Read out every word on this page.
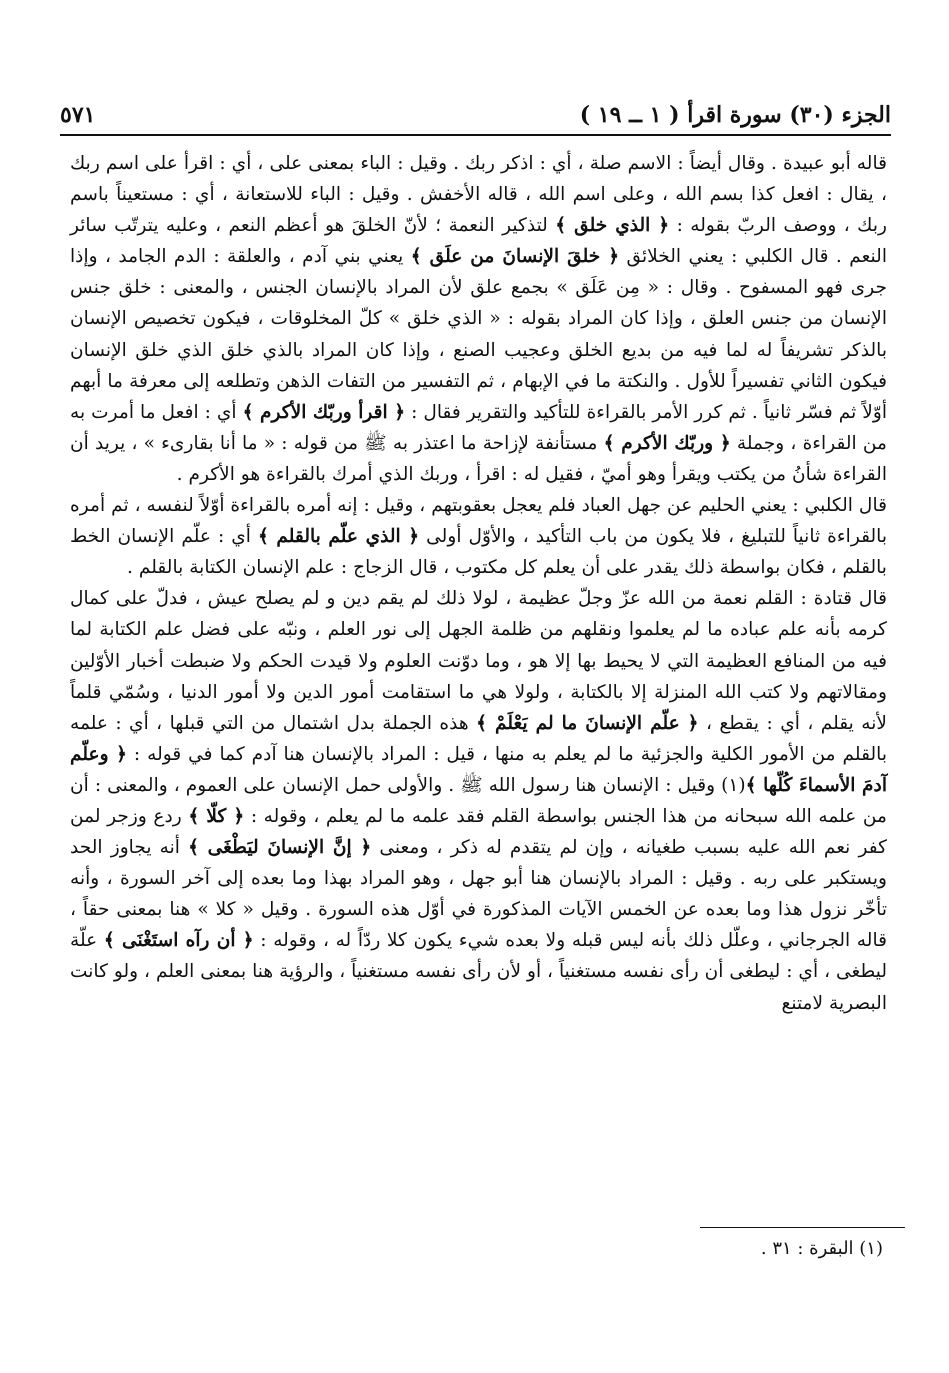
الجزء (٣٠) سورة اقرأ ( ١ ــ ١٩ )
٥٧١

قاله أبو عبيدة . وقال أيضاً : الاسم صلة ، أي : اذكر ربك . وقيل : الباء بمعنى على ، أي : اقرأ على اسم ربك ، يقال : افعل كذا بسم الله ، وعلى اسم الله ، قاله الأخفش . وقيل : الباء للاستعانة ، أي : مستعيناً باسم ربك ، ووصف الربّ بقوله : ﴿ الذي خلق ﴾ لتذكير النعمة ؛ لأنّ الخلقَ هو أعظم النعم ، وعليه يترتّب سائر النعم . قال الكلبي : يعني الخلائق ﴿ خلقَ الإنسانَ من علَق ﴾ يعني بني آدم ، والعلقة : الدم الجامد ، وإذا جرى فهو المسفوح . وقال : « مِن عَلَق » بجمع علق لأن المراد بالإنسان الجنس ، والمعنى : خلق جنس الإنسان من جنس العلق ، وإذا كان المراد بقوله : « الذي خلق » كلّ المخلوقات ، فيكون تخصيص الإنسان بالذكر تشريفاً له لما فيه من بديع الخلق وعجيب الصنع ، وإذا كان المراد بالذي خلق الذي خلق الإنسان فيكون الثاني تفسيراً للأول . والنكتة ما في الإبهام ، ثم التفسير من التفات الذهن وتطلعه إلى معرفة ما أبهم أوّلاً ثم فسّر ثانياً . ثم كرر الأمر بالقراءة للتأكيد والتقرير فقال : ﴿ اقرأ وربّك الأكرم ﴾ أي : افعل ما أمرت به من القراءة ، وجملة ﴿ وربّك الأكرم ﴾ مستأنفة لإزاحة ما اعتذر به ﷺ من قوله : « ما أنا بقارىء » ، يريد أن القراءة شأنُ من يكتب ويقرأ وهو أميّ ، فقيل له : اقرأ ، وربك الذي أمرك بالقراءة هو الأكرم .

قال الكلبي : يعني الحليم عن جهل العباد فلم يعجل بعقوبتهم ، وقيل : إنه أمره بالقراءة أوّلاً لنفسه ، ثم أمره بالقراءة ثانياً للتبليغ ، فلا يكون من باب التأكيد ، والأوّل أولى ﴿ الذي علّم بالقلم ﴾ أي : علّم الإنسان الخط بالقلم ، فكان بواسطة ذلك يقدر على أن يعلم كل مكتوب ، قال الزجاج : علم الإنسان الكتابة بالقلم .

قال قتادة : القلم نعمة من الله عزّ وجلّ عظيمة ، لولا ذلك لم يقم دين و لم يصلح عيش ، فدلّ على كمال كرمه بأنه علم عباده ما لم يعلموا ونقلهم من ظلمة الجهل إلى نور العلم ، ونبّه على فضل علم الكتابة لما فيه من المنافع العظيمة التي لا يحيط بها إلا هو ، وما دوّنت العلوم ولا قيدت الحكم ولا ضبطت أخبار الأوّلين ومقالاتهم ولا كتب الله المنزلة إلا بالكتابة ، ولولا هي ما استقامت أمور الدين ولا أمور الدنيا ، وسُمّي قلماً لأنه يقلم ، أي : يقطع ، ﴿ علّم الإنسانَ ما لم يَعْلَمْ ﴾ هذه الجملة بدل اشتمال من التي قبلها ، أي : علمه بالقلم من الأمور الكلية والجزئية ما لم يعلم به منها ، قيل : المراد بالإنسان هنا آدم كما في قوله : ﴿ وعلّم آدمَ الأسماءَ كُلّها ﴾(١) وقيل : الإنسان هنا رسول الله ﷺ . والأولى حمل الإنسان على العموم ، والمعنى : أن من علمه الله سبحانه من هذا الجنس بواسطة القلم فقد علمه ما لم يعلم ، وقوله : ﴿ كلّا ﴾ ردع وزجر لمن كفر نعم الله عليه بسبب طغيانه ، وإن لم يتقدم له ذكر ، ومعنى ﴿ إنَّ الإنسانَ ليَطْغَى ﴾ أنه يجاوز الحد ويستكبر على ربه . وقيل : المراد بالإنسان هنا أبو جهل ، وهو المراد بهذا وما بعده إلى آخر السورة ، وأنه تأخّر نزول هذا وما بعده عن الخمس الآيات المذكورة في أوّل هذه السورة . وقيل « كلا » هنا بمعنى حقاً ، قاله الجرجاني ، وعلّل ذلك بأنه ليس قبله ولا بعده شيء يكون كلا ردّاً له ، وقوله : ﴿ أن رآه استَغْنَى ﴾ علّة ليطغى ، أي : ليطغى أن رأى نفسه مستغنياً ، أو لأن رأى نفسه مستغنياً ، والرؤية هنا بمعنى العلم ، ولو كانت البصرية لامتنع

(١) البقرة : ٣١ .
